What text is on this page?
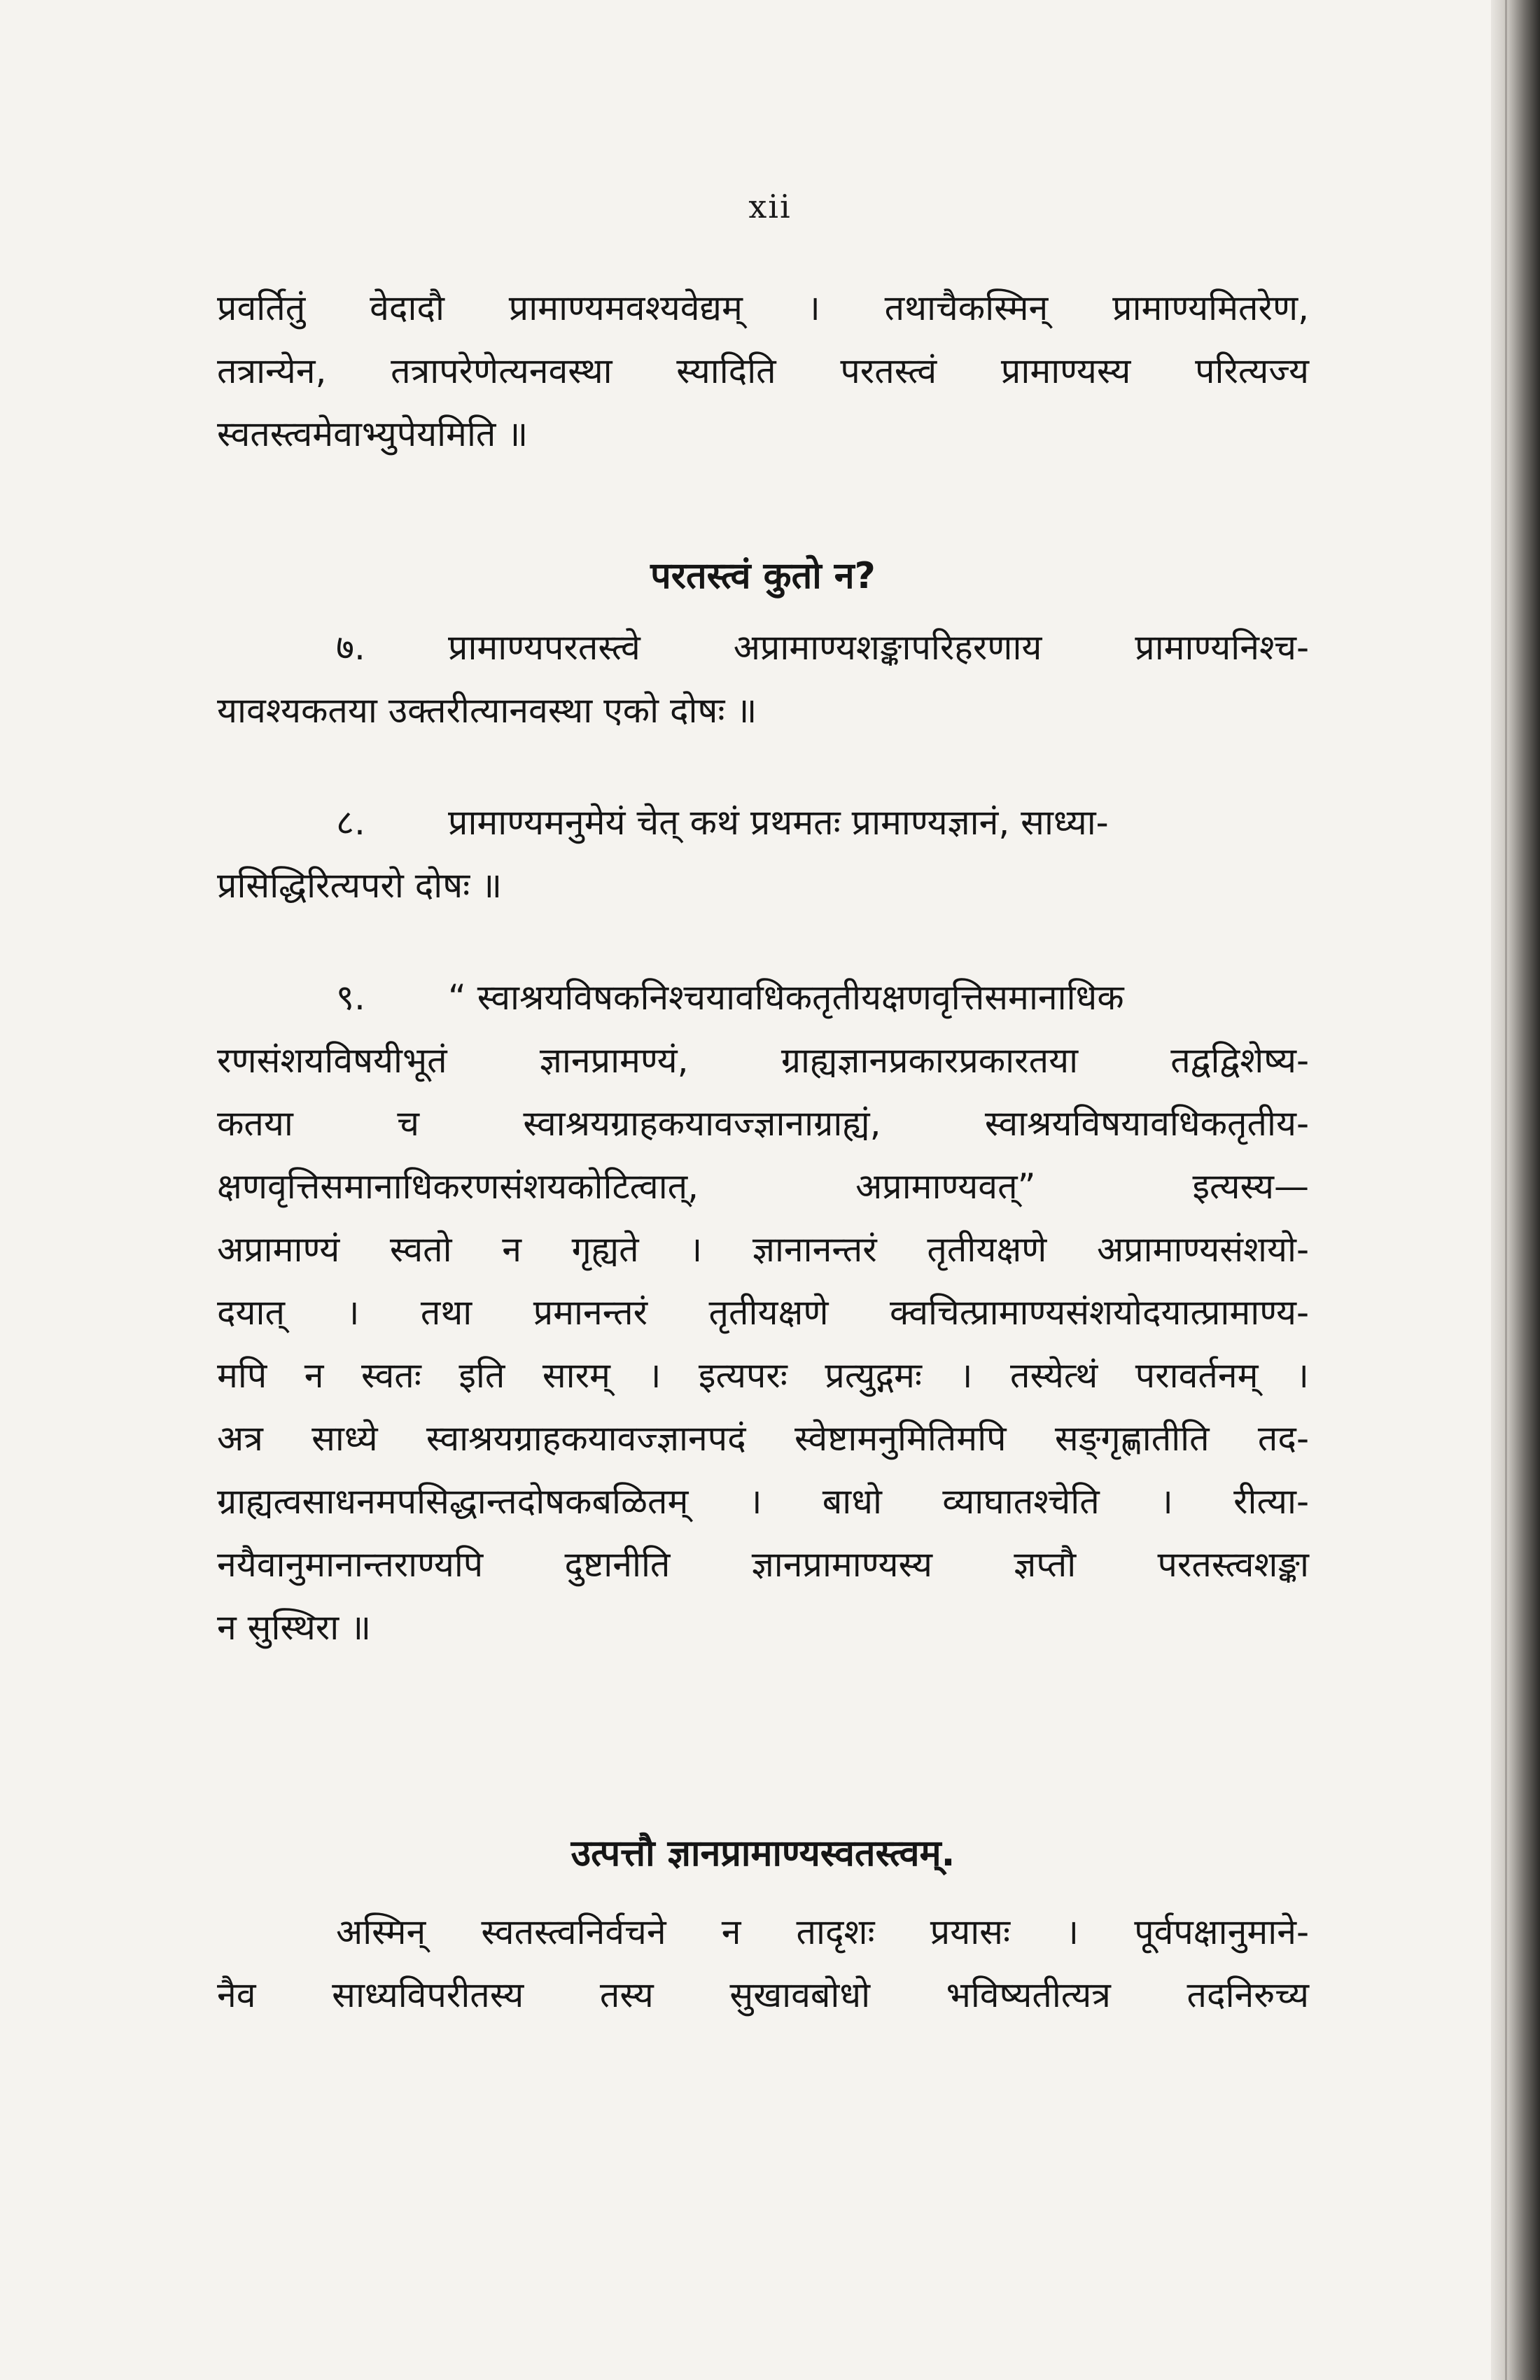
xii
प्रवर्तितुं वेदादौ प्रामाण्यमवश्यवेद्यम् । तथाचैकस्मिन् प्रामाण्यमितरेण,
तत्रान्येन, तत्रापरेणेत्यनवस्था स्यादिति परतस्त्वं प्रामाण्यस्य परित्यज्य
स्वतस्त्वमेवाभ्युपेयमिति ॥
परतस्त्वं कुतो न?
७. प्रामाण्यपरतस्त्वे अप्रामाण्यशङ्कापरिहरणाय प्रामाण्यनिश्च-
यावश्यकतया उक्तरीत्यानवस्था एको दोषः ॥
८. प्रामाण्यमनुमेयं चेत् कथं प्रथमतः प्रामाण्यज्ञानं, साध्या-
प्रसिद्धिरित्यपरो दोषः ॥
९. “ स्वाश्रयविषकनिश्चयावधिकतृतीयक्षणवृत्तिसमानाधिक
रणसंशयविषयीभूतं ज्ञानप्रामण्यं, ग्राह्यज्ञानप्रकारप्रकारतया तद्वद्विशेष्य-
कतया च स्वाश्रयग्राहकयावज्ज्ञानाग्राह्यं, स्वाश्रयविषयावधिकतृतीय-
क्षणवृत्तिसमानाधिकरणसंशयकोटित्वात्, अप्रामाण्यवत्” इत्यस्य—
अप्रामाण्यं स्वतो न गृह्यते । ज्ञानानन्तरं तृतीयक्षणे अप्रामाण्यसंशयो-
दयात् । तथा प्रमानन्तरं तृतीयक्षणे क्वचित्प्रामाण्यसंशयोदयात्प्रामाण्य-
मपि न स्वतः इति सारम् । इत्यपरः प्रत्युद्गमः । तस्येत्थं परावर्तनम् ।
अत्र साध्ये स्वाश्रयग्राहकयावज्ज्ञानपदं स्वेष्टामनुमितिमपि सङ्गृह्णातीति तद-
ग्राह्यत्वसाधनमपसिद्धान्तदोषकबळितम् । बाधो व्याघातश्चेति । रीत्या-
नयैवानुमानान्तराण्यपि दुष्टानीति ज्ञानप्रामाण्यस्य ज्ञप्तौ परतस्त्वशङ्का
न सुस्थिरा ॥
उत्पत्तौ ज्ञानप्रामाण्यस्वतस्त्वम्.
अस्मिन् स्वतस्त्वनिर्वचने न तादृशः प्रयासः । पूर्वपक्षानुमाने-
नैव साध्यविपरीतस्य तस्य सुखावबोधो भविष्यतीत्यत्र तदनिरुच्य
